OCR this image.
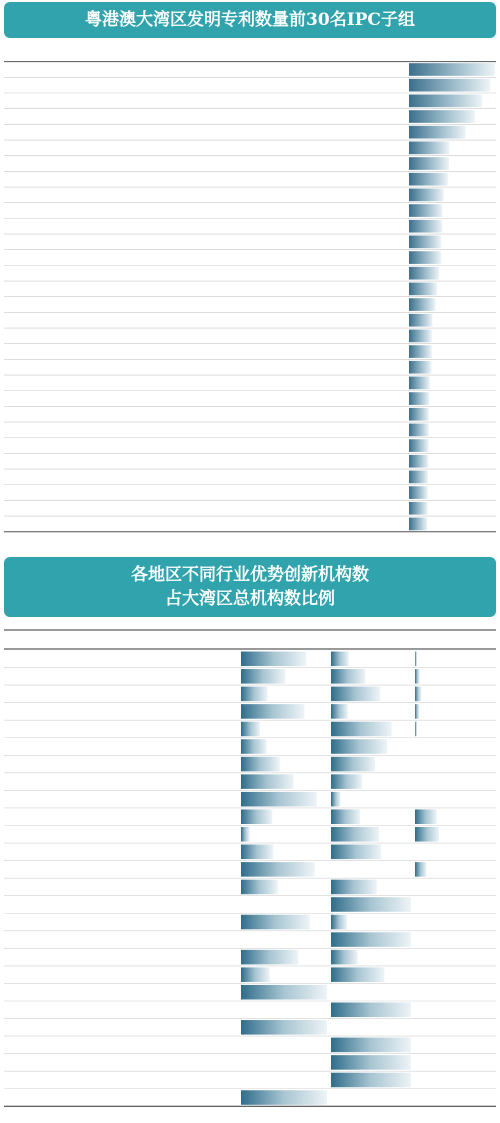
粤港澳大湾区发明专利数量前30名IPC子组
各地区不同行业优势创新机构数
占大湾区总机构数比例
